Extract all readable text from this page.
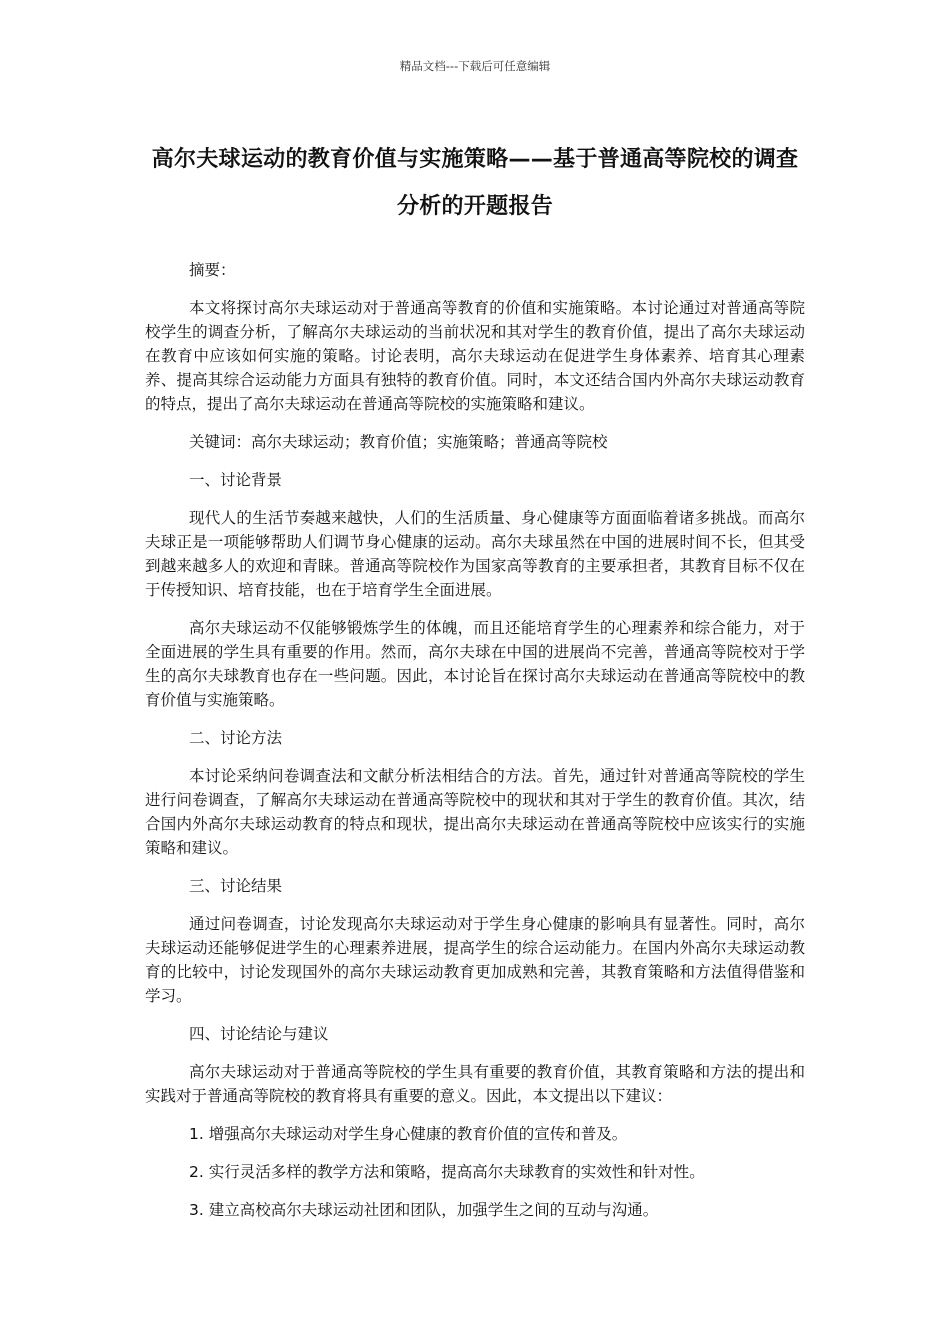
精品文档---下载后可任意编辑
高尔夫球运动的教育价值与实施策略——基于普通高等院校的调查分析的开题报告

摘要：

本文将探讨高尔夫球运动对于普通高等教育的价值和实施策略。本讨论通过对普通高等院校学生的调查分析，了解高尔夫球运动的当前状况和其对学生的教育价值，提出了高尔夫球运动在教育中应该如何实施的策略。讨论表明，高尔夫球运动在促进学生身体素养、培育其心理素养、提高其综合运动能力方面具有独特的教育价值。同时，本文还结合国内外高尔夫球运动教育的特点，提出了高尔夫球运动在普通高等院校的实施策略和建议。

关键词：高尔夫球运动；教育价值；实施策略；普通高等院校

一、讨论背景

现代人的生活节奏越来越快，人们的生活质量、身心健康等方面面临着诸多挑战。而高尔夫球正是一项能够帮助人们调节身心健康的运动。高尔夫球虽然在中国的进展时间不长，但其受到越来越多人的欢迎和青睐。普通高等院校作为国家高等教育的主要承担者，其教育目标不仅在于传授知识、培育技能，也在于培育学生全面进展。

高尔夫球运动不仅能够锻炼学生的体魄，而且还能培育学生的心理素养和综合能力，对于全面进展的学生具有重要的作用。然而，高尔夫球在中国的进展尚不完善，普通高等院校对于学生的高尔夫球教育也存在一些问题。因此，本讨论旨在探讨高尔夫球运动在普通高等院校中的教育价值与实施策略。

二、讨论方法

本讨论采纳问卷调查法和文献分析法相结合的方法。首先，通过针对普通高等院校的学生进行问卷调查，了解高尔夫球运动在普通高等院校中的现状和其对于学生的教育价值。其次，结合国内外高尔夫球运动教育的特点和现状，提出高尔夫球运动在普通高等院校中应该实行的实施策略和建议。

三、讨论结果

通过问卷调查，讨论发现高尔夫球运动对于学生身心健康的影响具有显著性。同时，高尔夫球运动还能够促进学生的心理素养进展，提高学生的综合运动能力。在国内外高尔夫球运动教育的比较中，讨论发现国外的高尔夫球运动教育更加成熟和完善，其教育策略和方法值得借鉴和学习。

四、讨论结论与建议

高尔夫球运动对于普通高等院校的学生具有重要的教育价值，其教育策略和方法的提出和实践对于普通高等院校的教育将具有重要的意义。因此，本文提出以下建议：

1. 增强高尔夫球运动对学生身心健康的教育价值的宣传和普及。

2. 实行灵活多样的教学方法和策略，提高高尔夫球教育的实效性和针对性。

3. 建立高校高尔夫球运动社团和团队，加强学生之间的互动与沟通。
